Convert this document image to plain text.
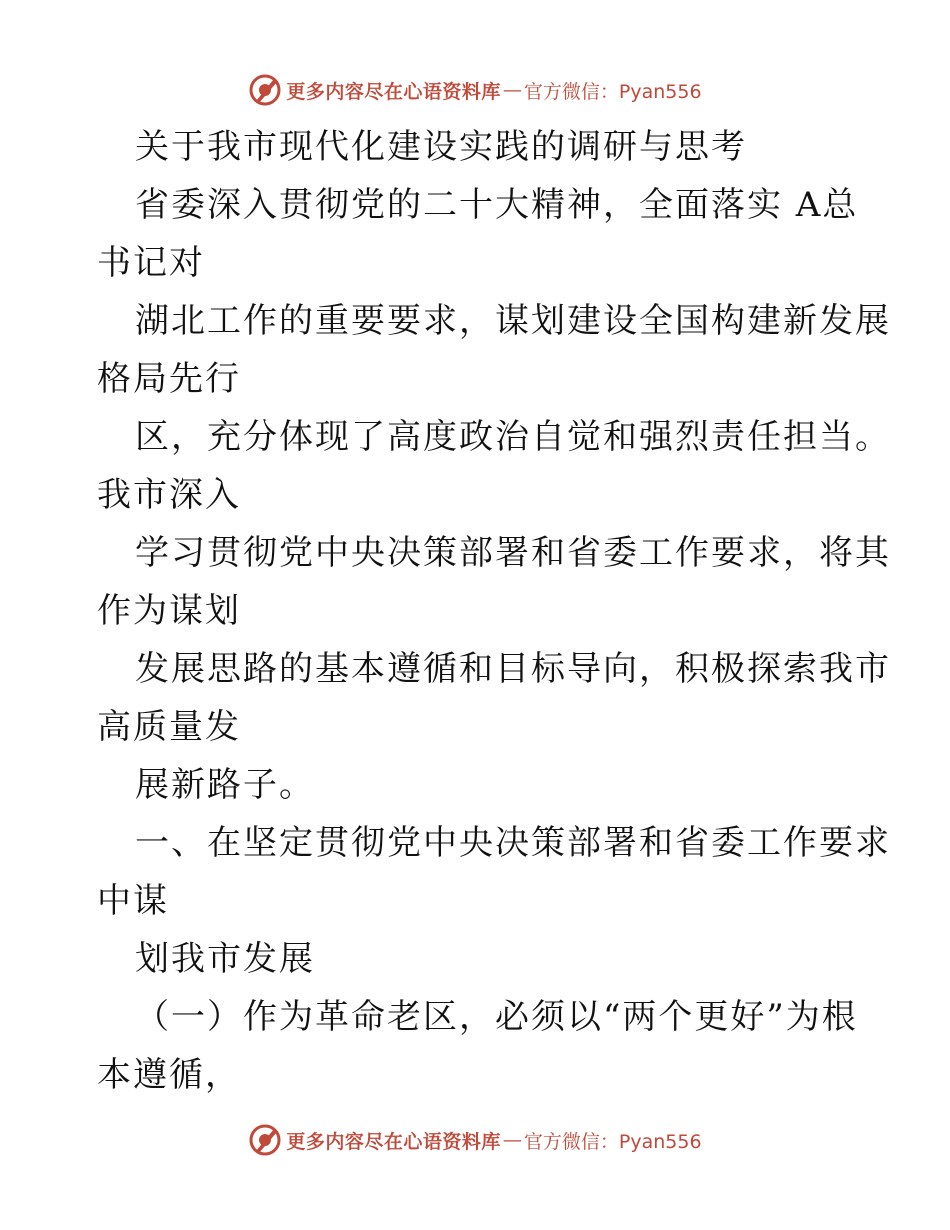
更多内容尽在心语资料库 — 官方微信：Pyan556
关于我市现代化建设实践的调研与思考
省委深入贯彻党的二十大精神，全面落实 A总
书记对
湖北工作的重要要求，谋划建设全国构建新发展
格局先行
区，充分体现了高度政治自觉和强烈责任担当。
我市深入
学习贯彻党中央决策部署和省委工作要求，将其
作为谋划
发展思路的基本遵循和目标导向，积极探索我市
高质量发
展新路子。
一、在坚定贯彻党中央决策部署和省委工作要求
中谋
划我市发展
（一）作为革命老区，必须以“两个更好”为根
本遵循，
更多内容尽在心语资料库 — 官方微信：Pyan556
